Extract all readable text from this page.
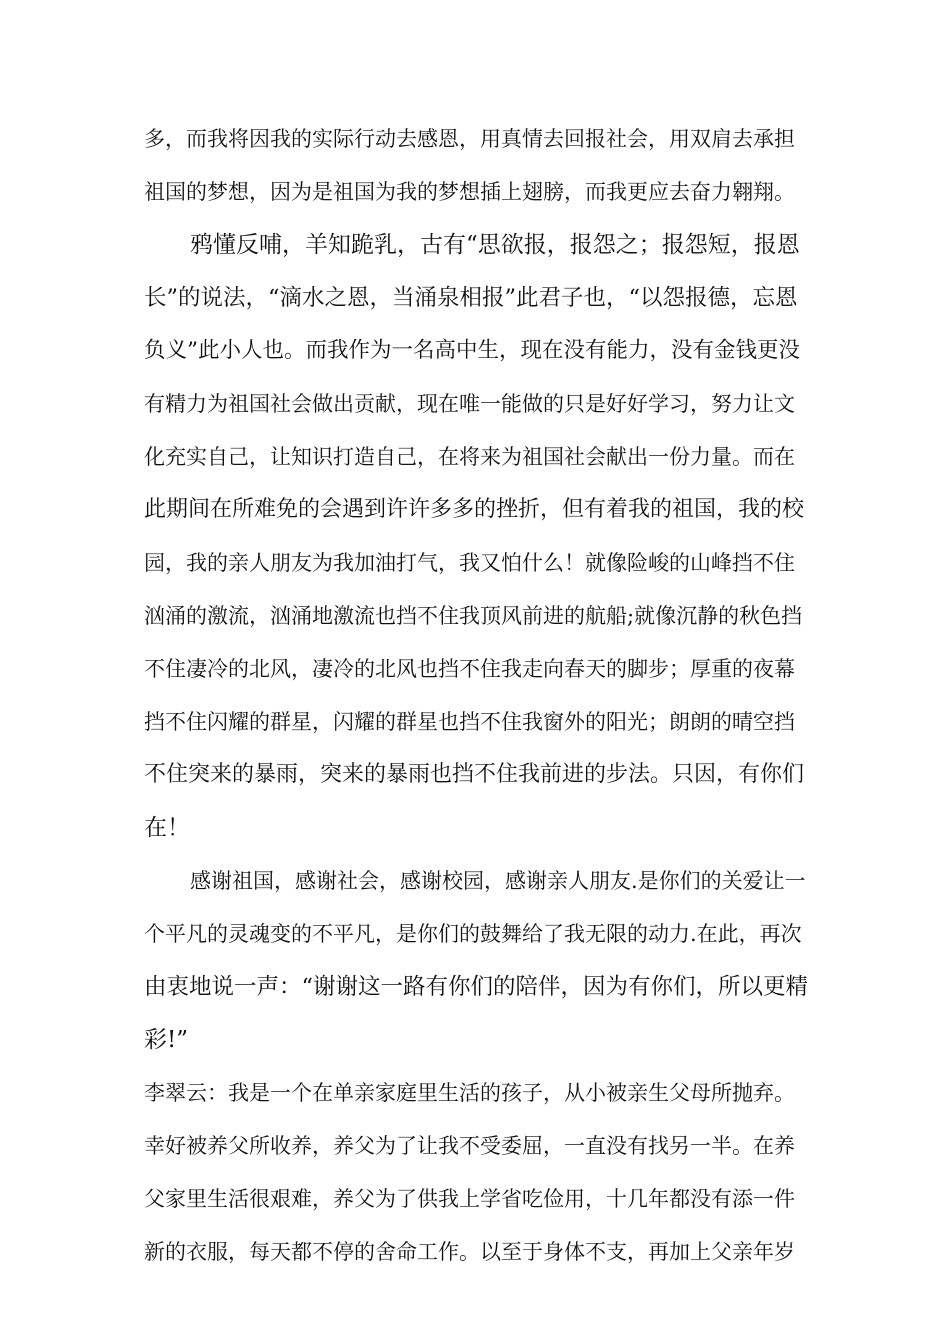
多，而我将因我的实际行动去感恩，用真情去回报社会，用双肩去承担
祖国的梦想，因为是祖国为我的梦想插上翅膀，而我更应去奋力翱翔。
鸦懂反哺，羊知跪乳，古有“思欲报，报怨之；报怨短，报恩
长”的说法，“滴水之恩，当涌泉相报”此君子也，“以怨报德，忘恩
负义”此小人也。而我作为一名高中生，现在没有能力，没有金钱更没
有精力为祖国社会做出贡献，现在唯一能做的只是好好学习，努力让文
化充实自己，让知识打造自己，在将来为祖国社会献出一份力量。而在
此期间在所难免的会遇到许许多多的挫折，但有着我的祖国，我的校
园，我的亲人朋友为我加油打气，我又怕什么！就像险峻的山峰挡不住
汹涌的激流，汹涌地激流也挡不住我顶风前进的航船;就像沉静的秋色挡
不住凄冷的北风，凄冷的北风也挡不住我走向春天的脚步；厚重的夜幕
挡不住闪耀的群星，闪耀的群星也挡不住我窗外的阳光；朗朗的晴空挡
不住突来的暴雨，突来的暴雨也挡不住我前进的步法。只因，有你们
在！
感谢祖国，感谢社会，感谢校园，感谢亲人朋友.是你们的关爱让一
个平凡的灵魂变的不平凡，是你们的鼓舞给了我无限的动力.在此，再次
由衷地说一声：“谢谢这一路有你们的陪伴，因为有你们，所以更精
彩!”
李翠云：我是一个在单亲家庭里生活的孩子，从小被亲生父母所抛弃。
幸好被养父所收养，养父为了让我不受委屈，一直没有找另一半。在养
父家里生活很艰难，养父为了供我上学省吃俭用，十几年都没有添一件
新的衣服，每天都不停的舍命工作。以至于身体不支，再加上父亲年岁
